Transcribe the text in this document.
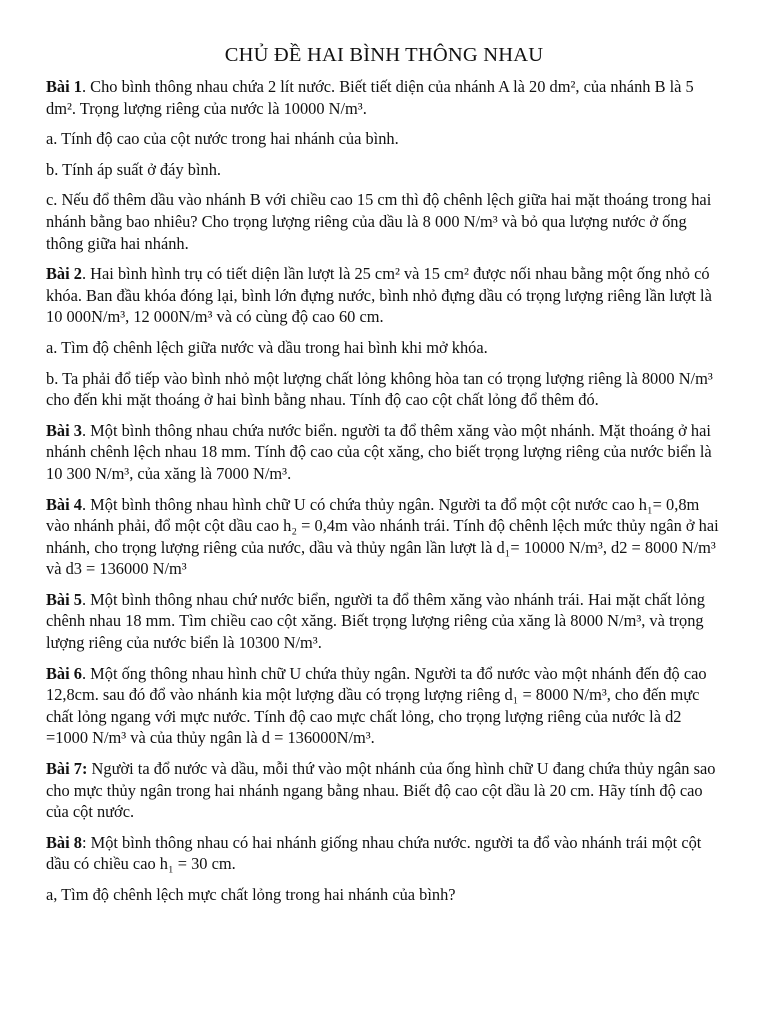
CHỦ ĐỀ HAI BÌNH THÔNG NHAU

Bài 1. Cho bình thông nhau chứa 2 lít nước. Biết tiết diện của nhánh A là 20 dm², của nhánh B là 5 dm². Trọng lượng riêng của nước là 10000 N/m³.

a. Tính độ cao của cột nước trong hai nhánh của bình.

b. Tính áp suất ở đáy bình.

c. Nếu đổ thêm dầu vào nhánh B với chiều cao 15 cm thì độ chênh lệch giữa hai mặt thoáng trong hai nhánh bằng bao nhiêu? Cho trọng lượng riêng của dầu là 8 000 N/m³ và bỏ qua lượng nước ở ống thông giữa hai nhánh.

Bài 2. Hai bình hình trụ có tiết diện lần lượt là 25 cm² và 15 cm² được nối nhau bằng một ống nhỏ có khóa. Ban đầu khóa đóng lại, bình lớn đựng nước, bình nhỏ đựng dầu có trọng lượng riêng lần lượt là 10 000N/m³, 12 000N/m³ và có cùng độ cao 60 cm.

a. Tìm độ chênh lệch giữa nước và dầu trong hai bình khi mở khóa.

b. Ta phải đổ tiếp vào bình nhỏ một lượng chất lỏng không hòa tan có trọng lượng riêng là 8000 N/m³ cho đến khi mặt thoáng ở hai bình bằng nhau. Tính độ cao cột chất lỏng đổ thêm đó.

Bài 3. Một bình thông nhau chứa nước biển. người ta đổ thêm xăng vào một nhánh. Mặt thoáng ở hai nhánh chênh lệch nhau 18 mm. Tính độ cao của cột xăng, cho biết trọng lượng riêng của nước biển là 10 300 N/m³, của xăng là 7000 N/m³.

Bài 4. Một bình thông nhau hình chữ U có chứa thủy ngân. Người ta đổ một cột nước cao h₁= 0,8m vào nhánh phải, đổ một cột dầu cao h₂ = 0,4m vào nhánh trái. Tính độ chênh lệch mức thủy ngân ở hai nhánh, cho trọng lượng riêng của nước, dầu và thủy ngân lần lượt là d₁= 10000 N/m³, d2 = 8000 N/m³ và d3 = 136000 N/m³

Bài 5. Một bình thông nhau chứ nước biển, người ta đổ thêm xăng vào nhánh trái. Hai mặt chất lỏng chênh nhau 18 mm. Tìm chiều cao cột xăng. Biết trọng lượng riêng của xăng là 8000 N/m³, và trọng lượng riêng của nước biển là 10300 N/m³.

Bài 6. Một ống thông nhau hình chữ U chứa thủy ngân. Người ta đổ nước vào một nhánh đến độ cao 12,8cm. sau đó đổ vào nhánh kia một lượng dầu có trọng lượng riêng d₁ = 8000 N/m³, cho đến mực chất lỏng ngang với mực nước. Tính độ cao mực chất lỏng, cho trọng lượng riêng của nước là d2 =1000 N/m³ và của thủy ngân là d = 136000N/m³.

Bài 7: Người ta đổ nước và dầu, mỗi thứ vào một nhánh của ống hình chữ U đang chứa thủy ngân sao cho mực thủy ngân trong hai nhánh ngang bằng nhau. Biết độ cao cột dầu là 20 cm. Hãy tính độ cao của cột nước.

Bài 8: Một bình thông nhau có hai nhánh giống nhau chứa nước. người ta đổ vào nhánh trái một cột dầu có chiều cao h₁ = 30 cm.

a, Tìm độ chênh lệch mực chất lỏng trong hai nhánh của bình?
